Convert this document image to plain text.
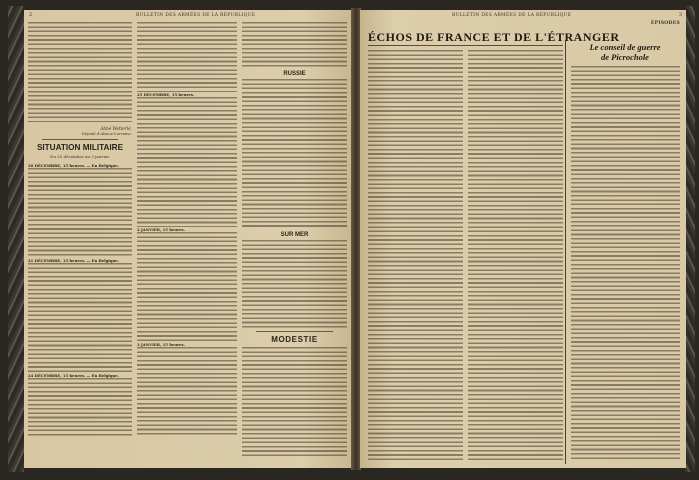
2	BULLETIN DES ARMÉES DE LA RÉPUBLIQUE
Abbé Wetterlé,
Député d'Alsace-Lorraine.
SITUATION MILITAIRE
Du 20 décembre au 3 janvier.
20 DÉCEMBRE, 15 heures. — En Belgique.
21 DÉCEMBRE, 15 heures. — En Belgique.
24 DÉCEMBRE, 15 heures. — En Belgique.
25 DÉCEMBRE, 15 heures.
2 JANVIER, 15 heures.
3 JANVIER, 15 heures.
RUSSIE
SUR MER
MODESTIE
BULLETIN DES ARMÉES DE LA RÉPUBLIQUE	3
ÉPISODES
ÉCHOS DE FRANCE ET DE L'ÉTRANGER
Le conseil de guerre
de Picrochole
